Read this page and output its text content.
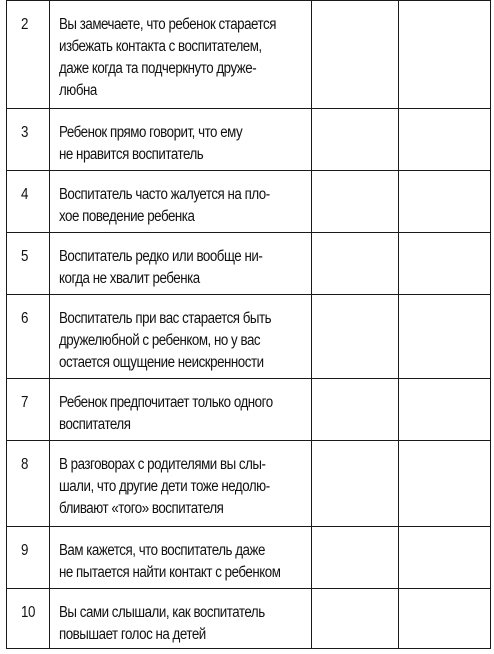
2	Вы замечаете, что ребенок старается
избежать контакта с воспитателем,
даже когда та подчеркнуто друже-
любна		

3	Ребенок прямо говорит, что ему
не нравится воспитатель		

4	Воспитатель часто жалуется на пло-
хое поведение ребенка		

5	Воспитатель редко или вообще ни-
когда не хвалит ребенка		

6	Воспитатель при вас старается быть
дружелюбной с ребенком, но у вас
остается ощущение неискренности		

7	Ребенок предпочитает только одного
воспитателя		

8	В разговорах с родителями вы слы-
шали, что другие дети тоже недолю-
бливают «того» воспитателя		

9	Вам кажется, что воспитатель даже
не пытается найти контакт с ребенком		

10	Вы сами слышали, как воспитатель
повышает голос на детей		
